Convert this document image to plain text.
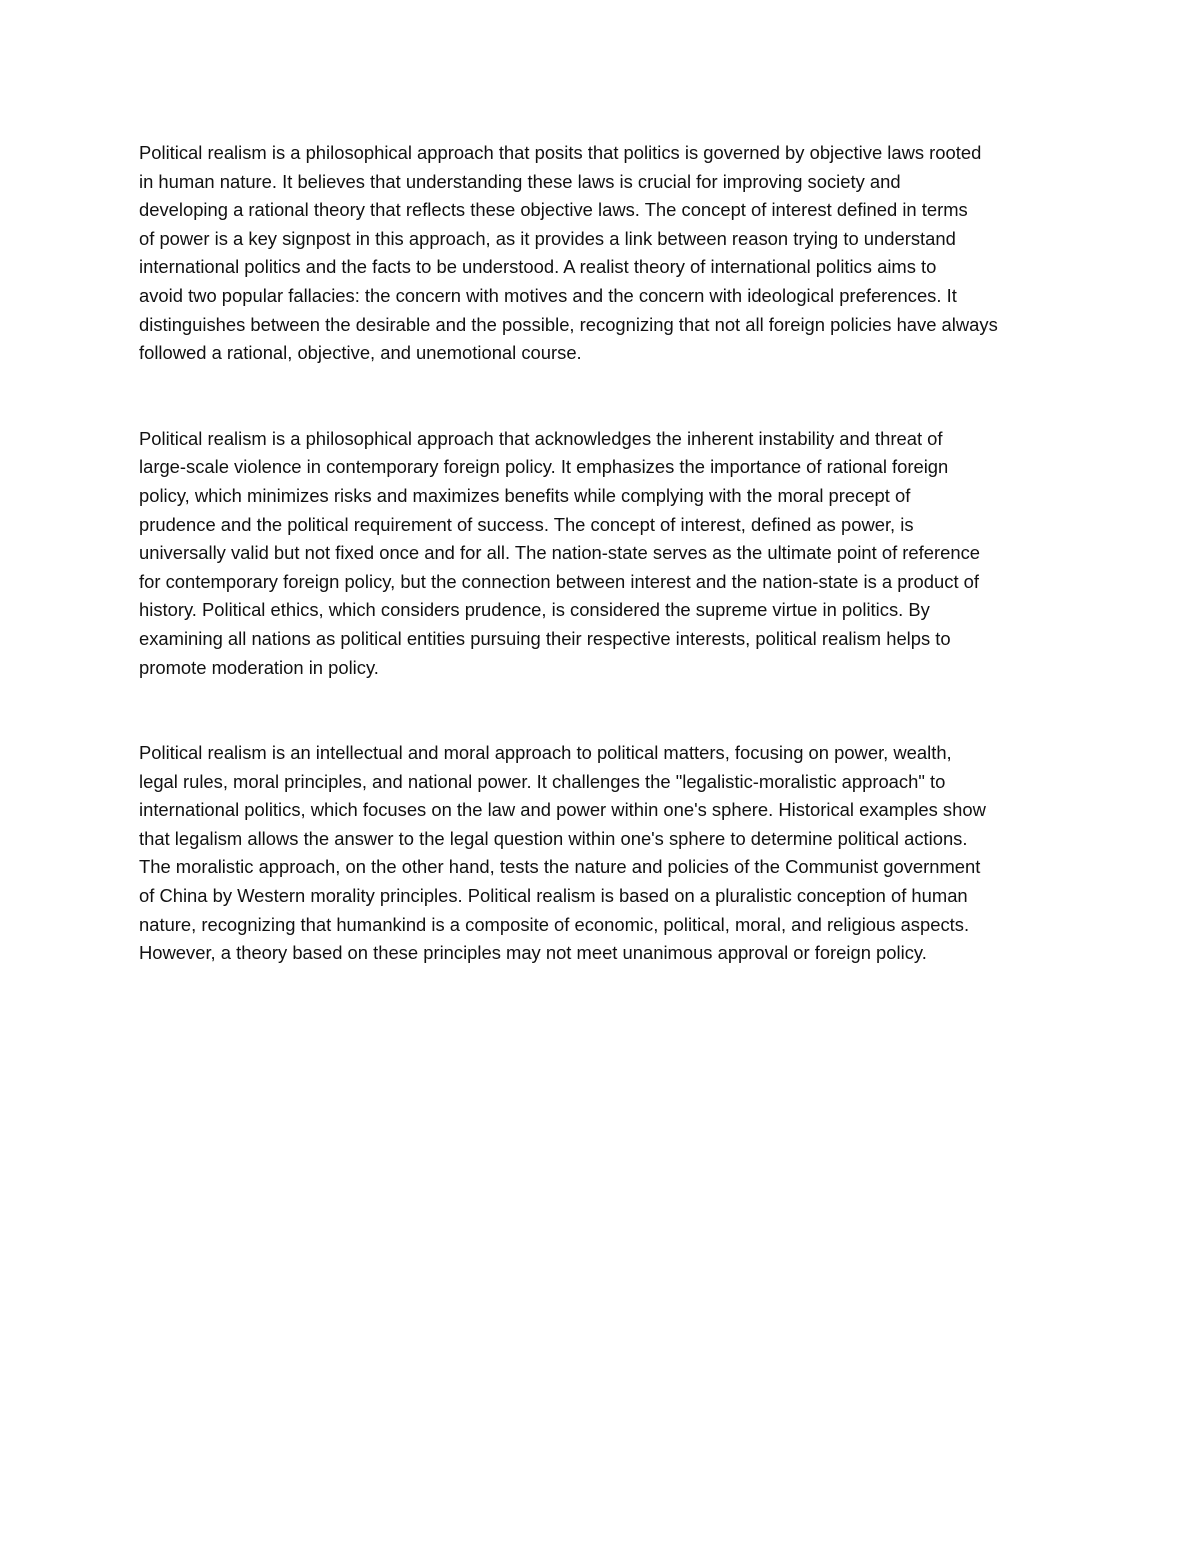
Political realism is a philosophical approach that posits that politics is governed by objective laws rooted
in human nature. It believes that understanding these laws is crucial for improving society and
developing a rational theory that reflects these objective laws. The concept of interest defined in terms
of power is a key signpost in this approach, as it provides a link between reason trying to understand
international politics and the facts to be understood. A realist theory of international politics aims to
avoid two popular fallacies: the concern with motives and the concern with ideological preferences. It
distinguishes between the desirable and the possible, recognizing that not all foreign policies have always
followed a rational, objective, and unemotional course.

Political realism is a philosophical approach that acknowledges the inherent instability and threat of
large-scale violence in contemporary foreign policy. It emphasizes the importance of rational foreign
policy, which minimizes risks and maximizes benefits while complying with the moral precept of
prudence and the political requirement of success. The concept of interest, defined as power, is
universally valid but not fixed once and for all. The nation-state serves as the ultimate point of reference
for contemporary foreign policy, but the connection between interest and the nation-state is a product of
history. Political ethics, which considers prudence, is considered the supreme virtue in politics. By
examining all nations as political entities pursuing their respective interests, political realism helps to
promote moderation in policy.

Political realism is an intellectual and moral approach to political matters, focusing on power, wealth,
legal rules, moral principles, and national power. It challenges the "legalistic-moralistic approach" to
international politics, which focuses on the law and power within one's sphere. Historical examples show
that legalism allows the answer to the legal question within one's sphere to determine political actions.
The moralistic approach, on the other hand, tests the nature and policies of the Communist government
of China by Western morality principles. Political realism is based on a pluralistic conception of human
nature, recognizing that humankind is a composite of economic, political, moral, and religious aspects.
However, a theory based on these principles may not meet unanimous approval or foreign policy.
